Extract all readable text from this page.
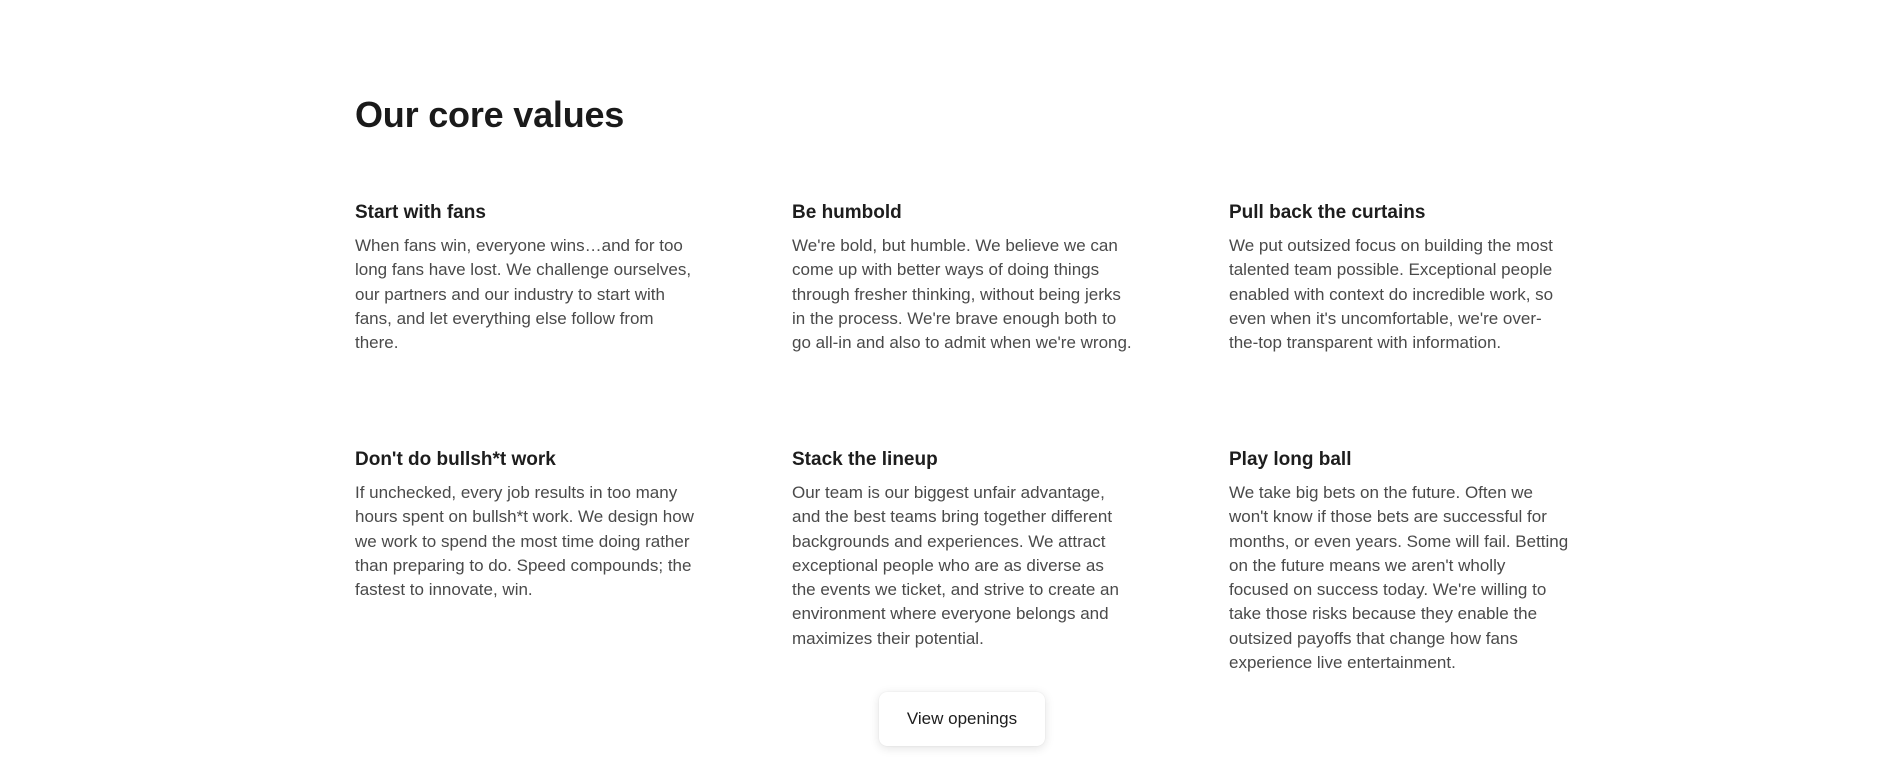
Our core values
Start with fans

When fans win, everyone wins…and for too long fans have lost. We challenge ourselves, our partners and our industry to start with fans, and let everything else follow from there.

Be humbold

We're bold, but humble. We believe we can come up with better ways of doing things through fresher thinking, without being jerks in the process. We're brave enough both to go all-in and also to admit when we're wrong.

Pull back the curtains

We put outsized focus on building the most talented team possible. Exceptional people enabled with context do incredible work, so even when it's uncomfortable, we're over-the-top transparent with information.

Don't do bullsh*t work

If unchecked, every job results in too many hours spent on bullsh*t work. We design how we work to spend the most time doing rather than preparing to do. Speed compounds; the fastest to innovate, win.

Stack the lineup

Our team is our biggest unfair advantage, and the best teams bring together different backgrounds and experiences. We attract exceptional people who are as diverse as the events we ticket, and strive to create an environment where everyone belongs and maximizes their potential.

Play long ball

We take big bets on the future. Often we won't know if those bets are successful for months, or even years. Some will fail. Betting on the future means we aren't wholly focused on success today. We're willing to take those risks because they enable the outsized payoffs that change how fans experience live entertainment.

View openings
